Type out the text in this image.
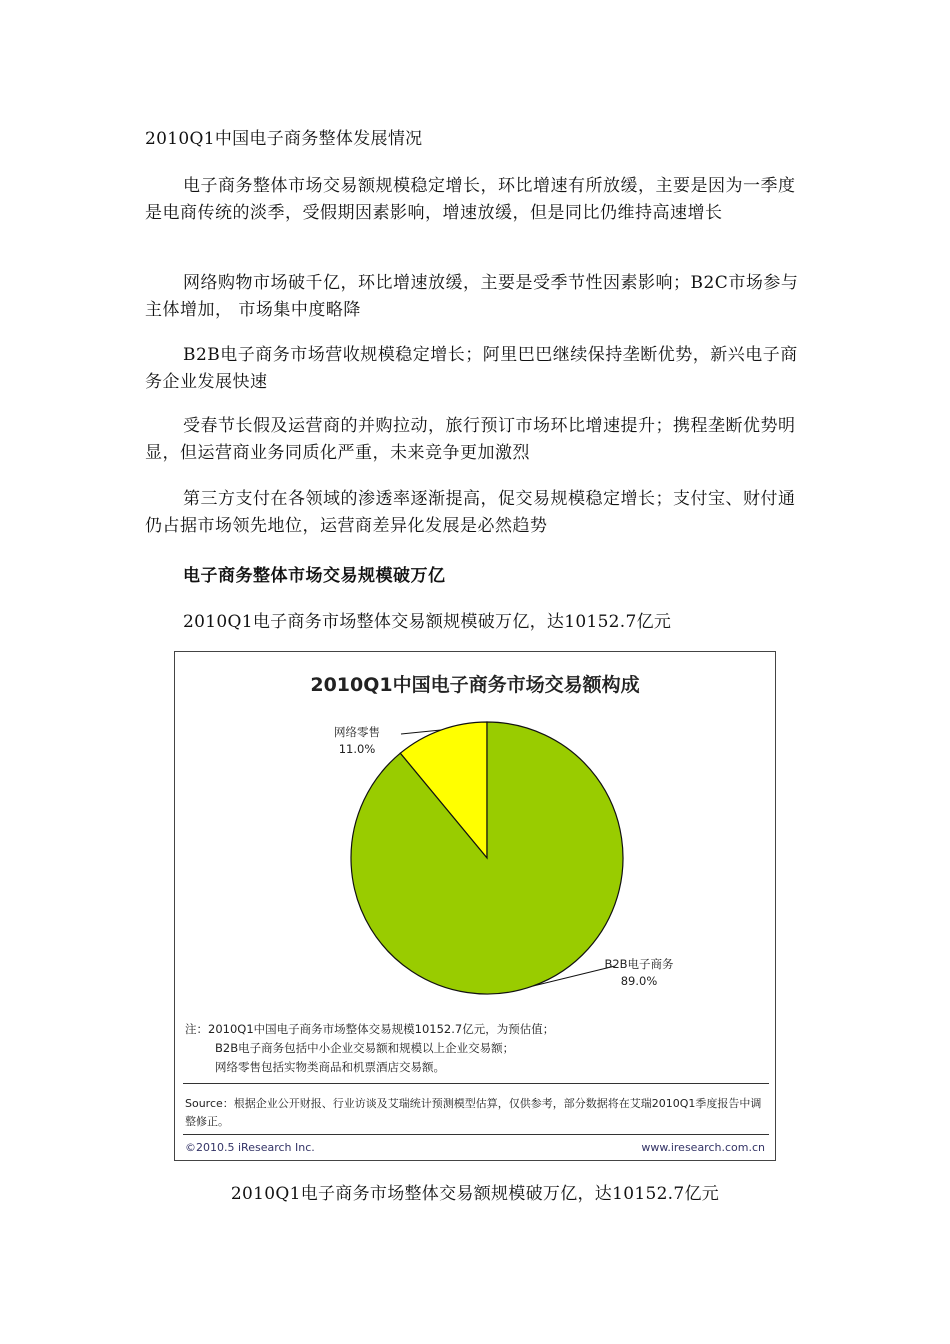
2010Q1中国电子商务整体发展情况
电子商务整体市场交易额规模稳定增长，环比增速有所放缓，主要是因为一季度是电商传统的淡季，受假期因素影响，增速放缓，但是同比仍维持高速增长
网络购物市场破千亿，环比增速放缓，主要是受季节性因素影响；B2C市场参与主体增加， 市场集中度略降
B2B电子商务市场营收规模稳定增长；阿里巴巴继续保持垄断优势，新兴电子商务企业发展快速
受春节长假及运营商的并购拉动，旅行预订市场环比增速提升；携程垄断优势明显，但运营商业务同质化严重，未来竞争更加激烈
第三方支付在各领域的渗透率逐渐提高，促交易规模稳定增长；支付宝、财付通仍占据市场领先地位，运营商差异化发展是必然趋势
电子商务整体市场交易规模破万亿
2010Q1电子商务市场整体交易额规模破万亿，达10152.7亿元
2010Q1中国电子商务市场交易额构成
网络零售
11.0%
B2B电子商务
89.0%
注：2010Q1中国电子商务市场整体交易规模10152.7亿元，为预估值；
B2B电子商务包括中小企业交易额和规模以上企业交易额；
网络零售包括实物类商品和机票酒店交易额。
Source：根据企业公开财报、行业访谈及艾瑞统计预测模型估算，仅供参考，部分数据将在艾瑞2010Q1季度报告中调整修正。
©2010.5 iResearch Inc.	www.iresearch.com.cn
2010Q1电子商务市场整体交易额规模破万亿，达10152.7亿元
